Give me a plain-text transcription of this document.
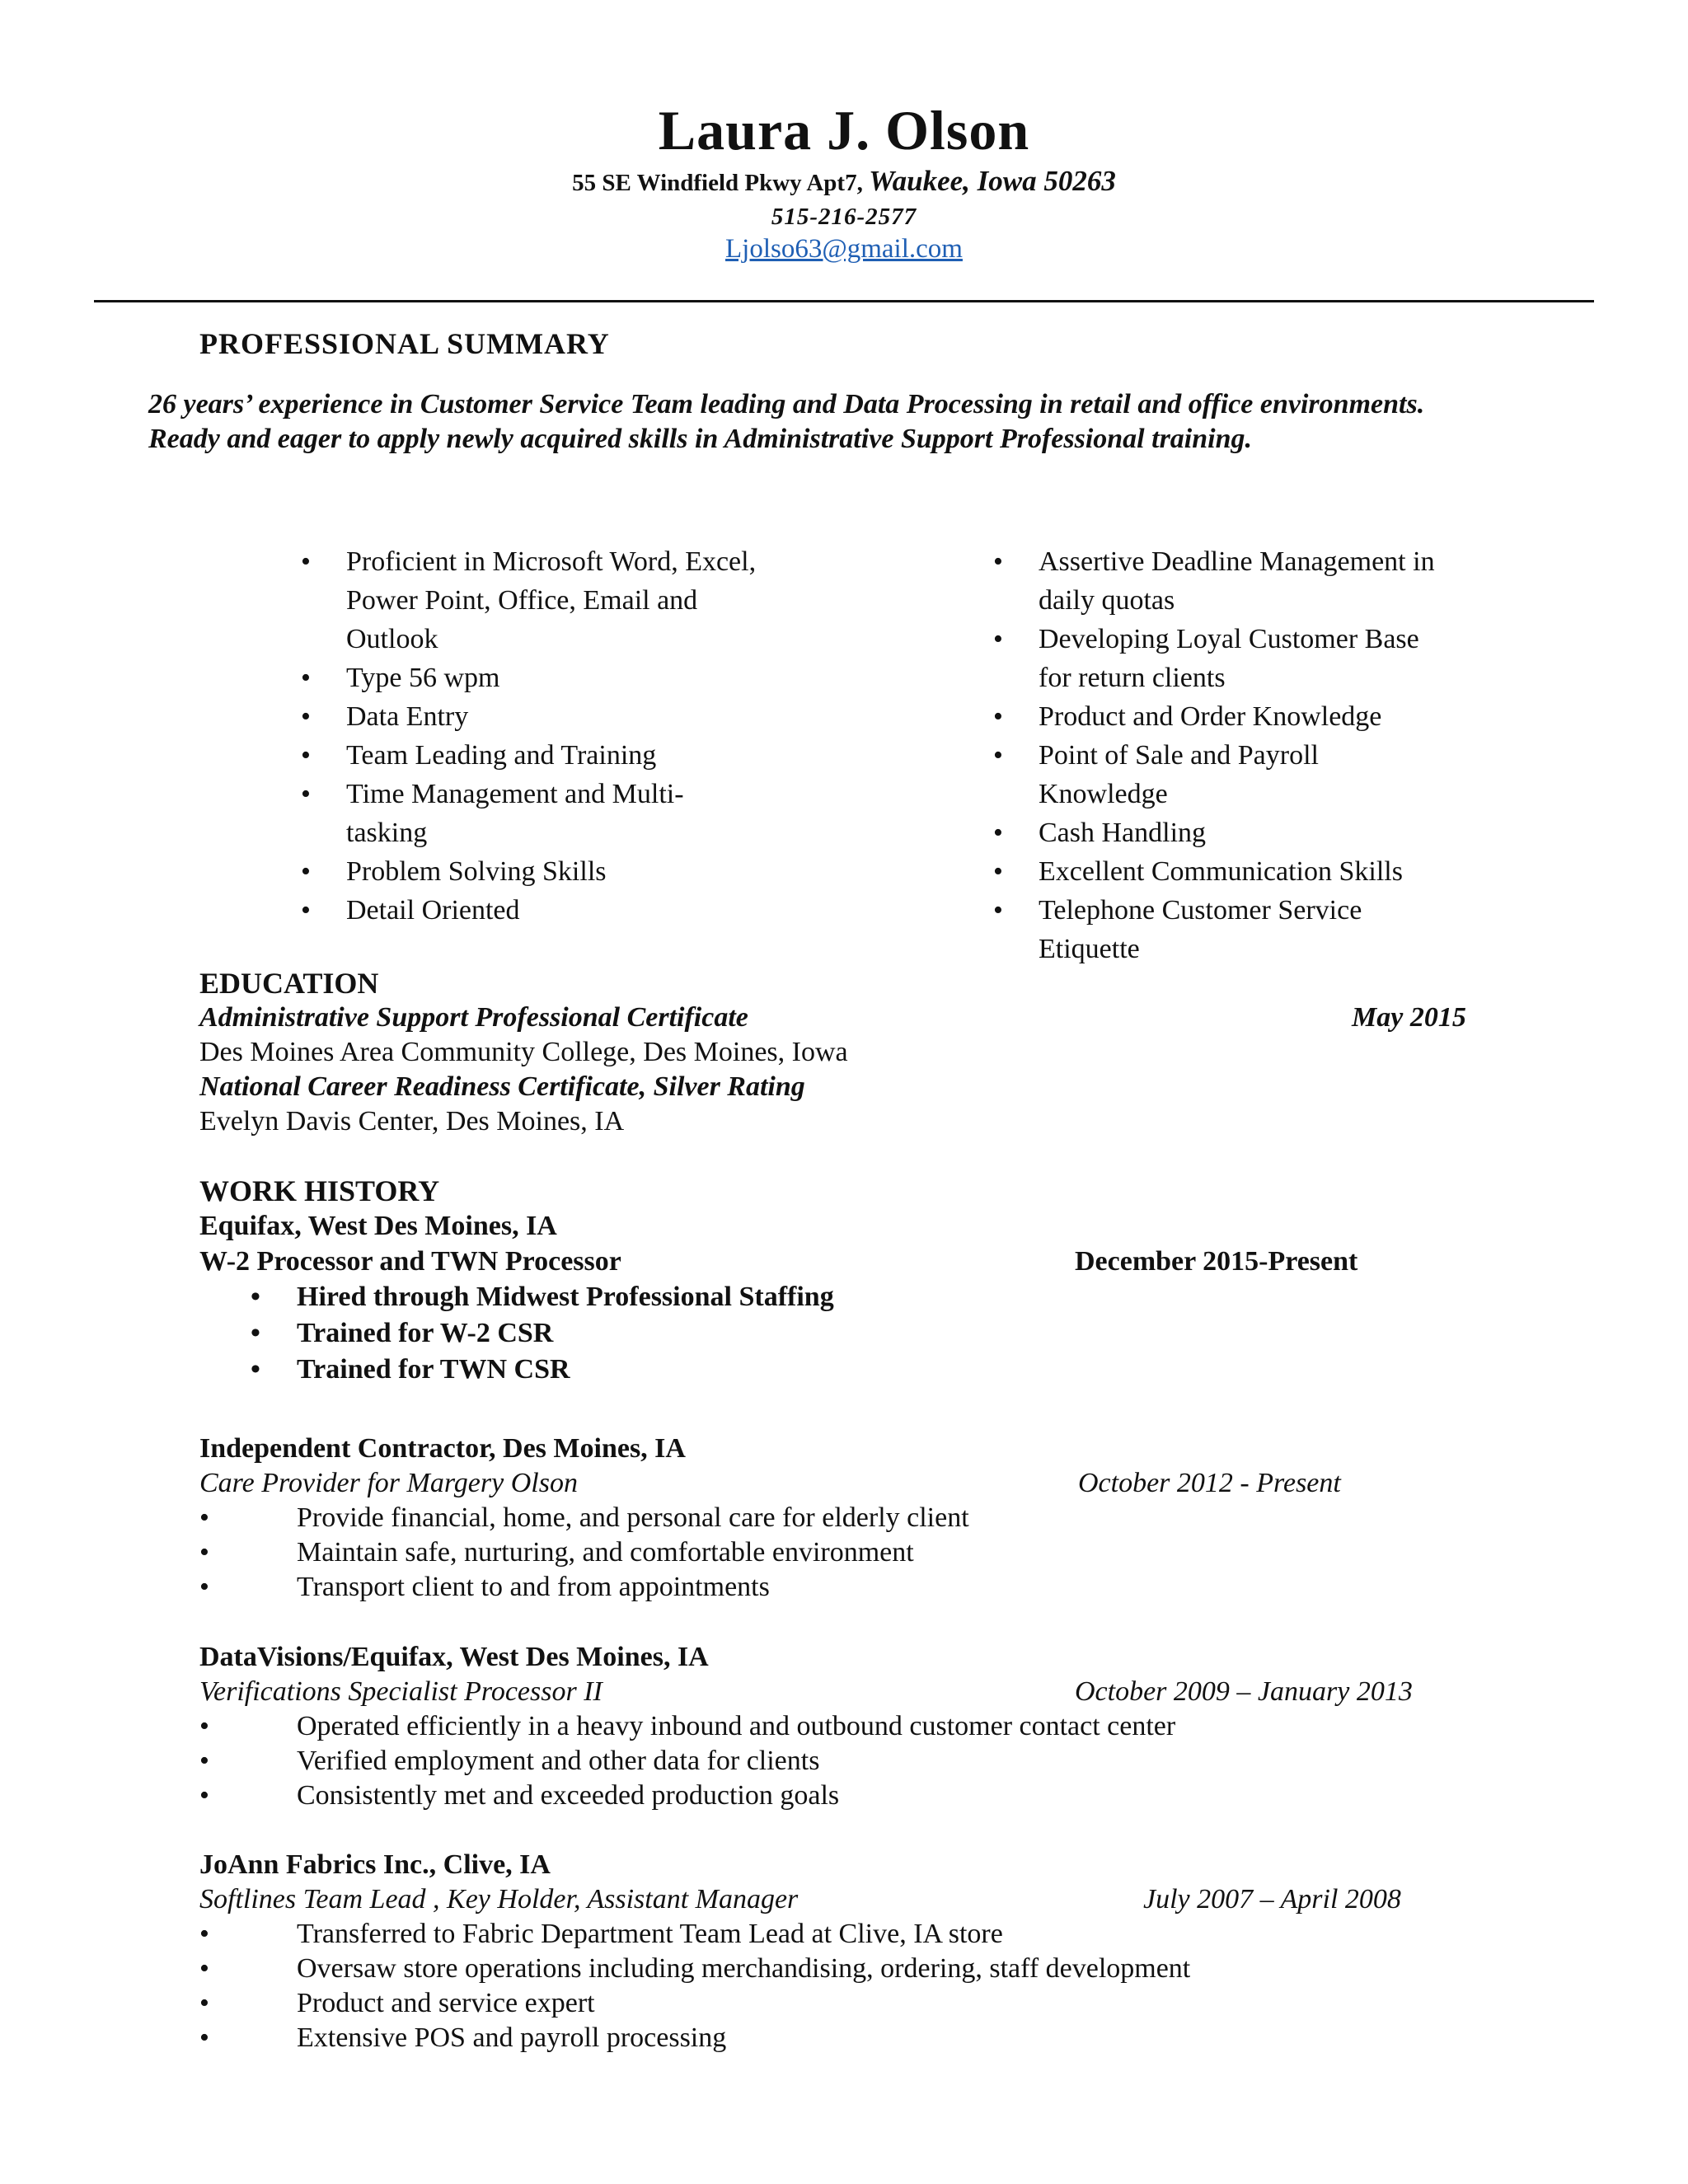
Laura J. Olson
55 SE Windfield Pkwy Apt7, Waukee, Iowa 50263
515-216-2577
Ljolso63@gmail.com
PROFESSIONAL SUMMARY
26 years’ experience in Customer Service Team leading and Data Processing in retail and office environments.
Ready and eager to apply newly acquired skills in Administrative Support Professional training.
• Proficient in Microsoft Word, Excel,
Power Point, Office, Email and
Outlook
• Type 56 wpm
• Data Entry
• Team Leading and Training
• Time Management and Multi-
tasking
• Problem Solving Skills
• Detail Oriented
• Assertive Deadline Management in
daily quotas
• Developing Loyal Customer Base
for return clients
• Product and Order Knowledge
• Point of Sale and Payroll
Knowledge
• Cash Handling
• Excellent Communication Skills
• Telephone Customer Service
Etiquette
EDUCATION
Administrative Support Professional Certificate	May 2015
Des Moines Area Community College, Des Moines, Iowa
National Career Readiness Certificate, Silver Rating
Evelyn Davis Center, Des Moines, IA
WORK HISTORY
Equifax, West Des Moines, IA
W-2 Processor and TWN Processor	December 2015-Present
• Hired through Midwest Professional Staffing
• Trained for W-2 CSR
• Trained for TWN CSR
Independent Contractor, Des Moines, IA
Care Provider for Margery Olson	October 2012 - Present
•	Provide financial, home, and personal care for elderly client
•	Maintain safe, nurturing, and comfortable environment
•	Transport client to and from appointments
DataVisions/Equifax, West Des Moines, IA
Verifications Specialist Processor II	October 2009 – January 2013
•	Operated efficiently in a heavy inbound and outbound customer contact center
•	Verified employment and other data for clients
•	Consistently met and exceeded production goals
JoAnn Fabrics Inc., Clive, IA
Softlines Team Lead , Key Holder, Assistant Manager	July 2007 – April 2008
•	Transferred to Fabric Department Team Lead at Clive, IA store
•	Oversaw store operations including merchandising, ordering, staff development
•	Product and service expert
•	Extensive POS and payroll processing
